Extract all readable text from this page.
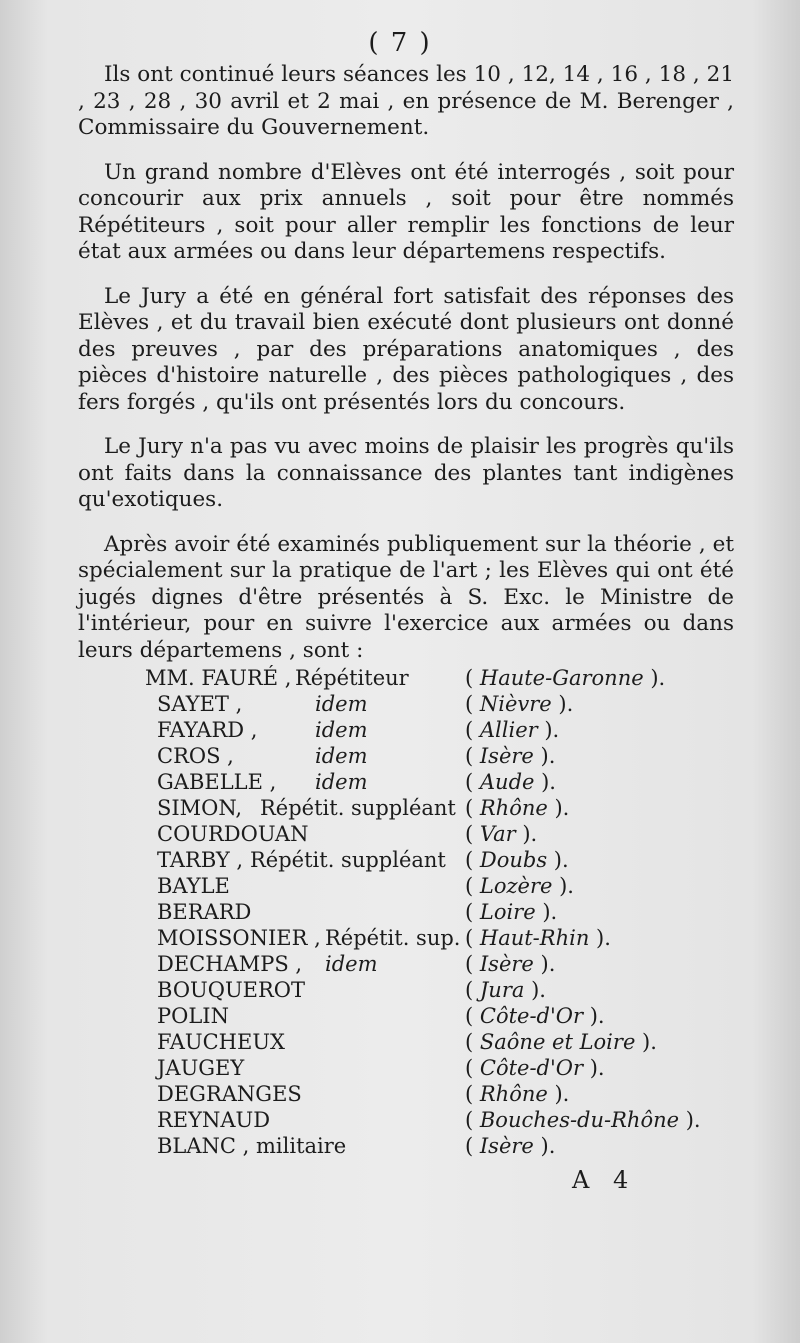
( 7 )

Ils ont continué leurs séances les 10 , 12, 14 , 16 , 18 , 21 , 23 , 28 , 30 avril et 2 mai , en présence de M. Berenger , Commissaire du Gouvernement.

Un grand nombre d'Elèves ont été interrogés , soit pour concourir aux prix annuels , soit pour être nommés Répétiteurs , soit pour aller remplir les fonctions de leur état aux armées ou dans leur départemens respectifs.

Le Jury a été en général fort satisfait des réponses des Elèves , et du travail bien exécuté dont plusieurs ont donné des preuves , par des préparations anatomiques , des pièces d'histoire naturelle , des pièces pathologiques , des fers forgés , qu'ils ont présentés lors du concours.

Le Jury n'a pas vu avec moins de plaisir les progrès qu'ils ont faits dans la connaissance des plantes tant indigènes qu'exotiques.

Après avoir été examinés publiquement sur la théorie , et spécialement sur la pratique de l'art ; les Elèves qui ont été jugés dignes d'être présentés à S. Exc. le Ministre de l'intérieur, pour en suivre l'exercice aux armées ou dans leurs départemens , sont :

MM. FAURÉ , Répétiteur	( Haute-Garonne ).
SAYET ,	idem	( Nièvre ).
FAYARD ,	idem	( Allier ).
CROS ,	idem	( Isère ).
GABELLE , idem	( Aude ).
SIMON, Répétit. suppléant ( Rhône ).
COURDOUAN	( Var ).
TARBY , Répétit. suppléant ( Doubs ).
BAYLE	( Lozère ).
BERARD	( Loire ).
MOISSONIER , Répétit. sup. ( Haut-Rhin ).
DECHAMPS , idem	( Isère ).
BOUQUEROT	( Jura ).
POLIN	( Côte-d'Or ).
FAUCHEUX	( Saône et Loire ).
JAUGEY	( Côte-d'Or ).
DEGRANGES	( Rhône ).
REYNAUD	( Bouches-du-Rhône ).
BLANC , militaire	( Isère ).
A 4
